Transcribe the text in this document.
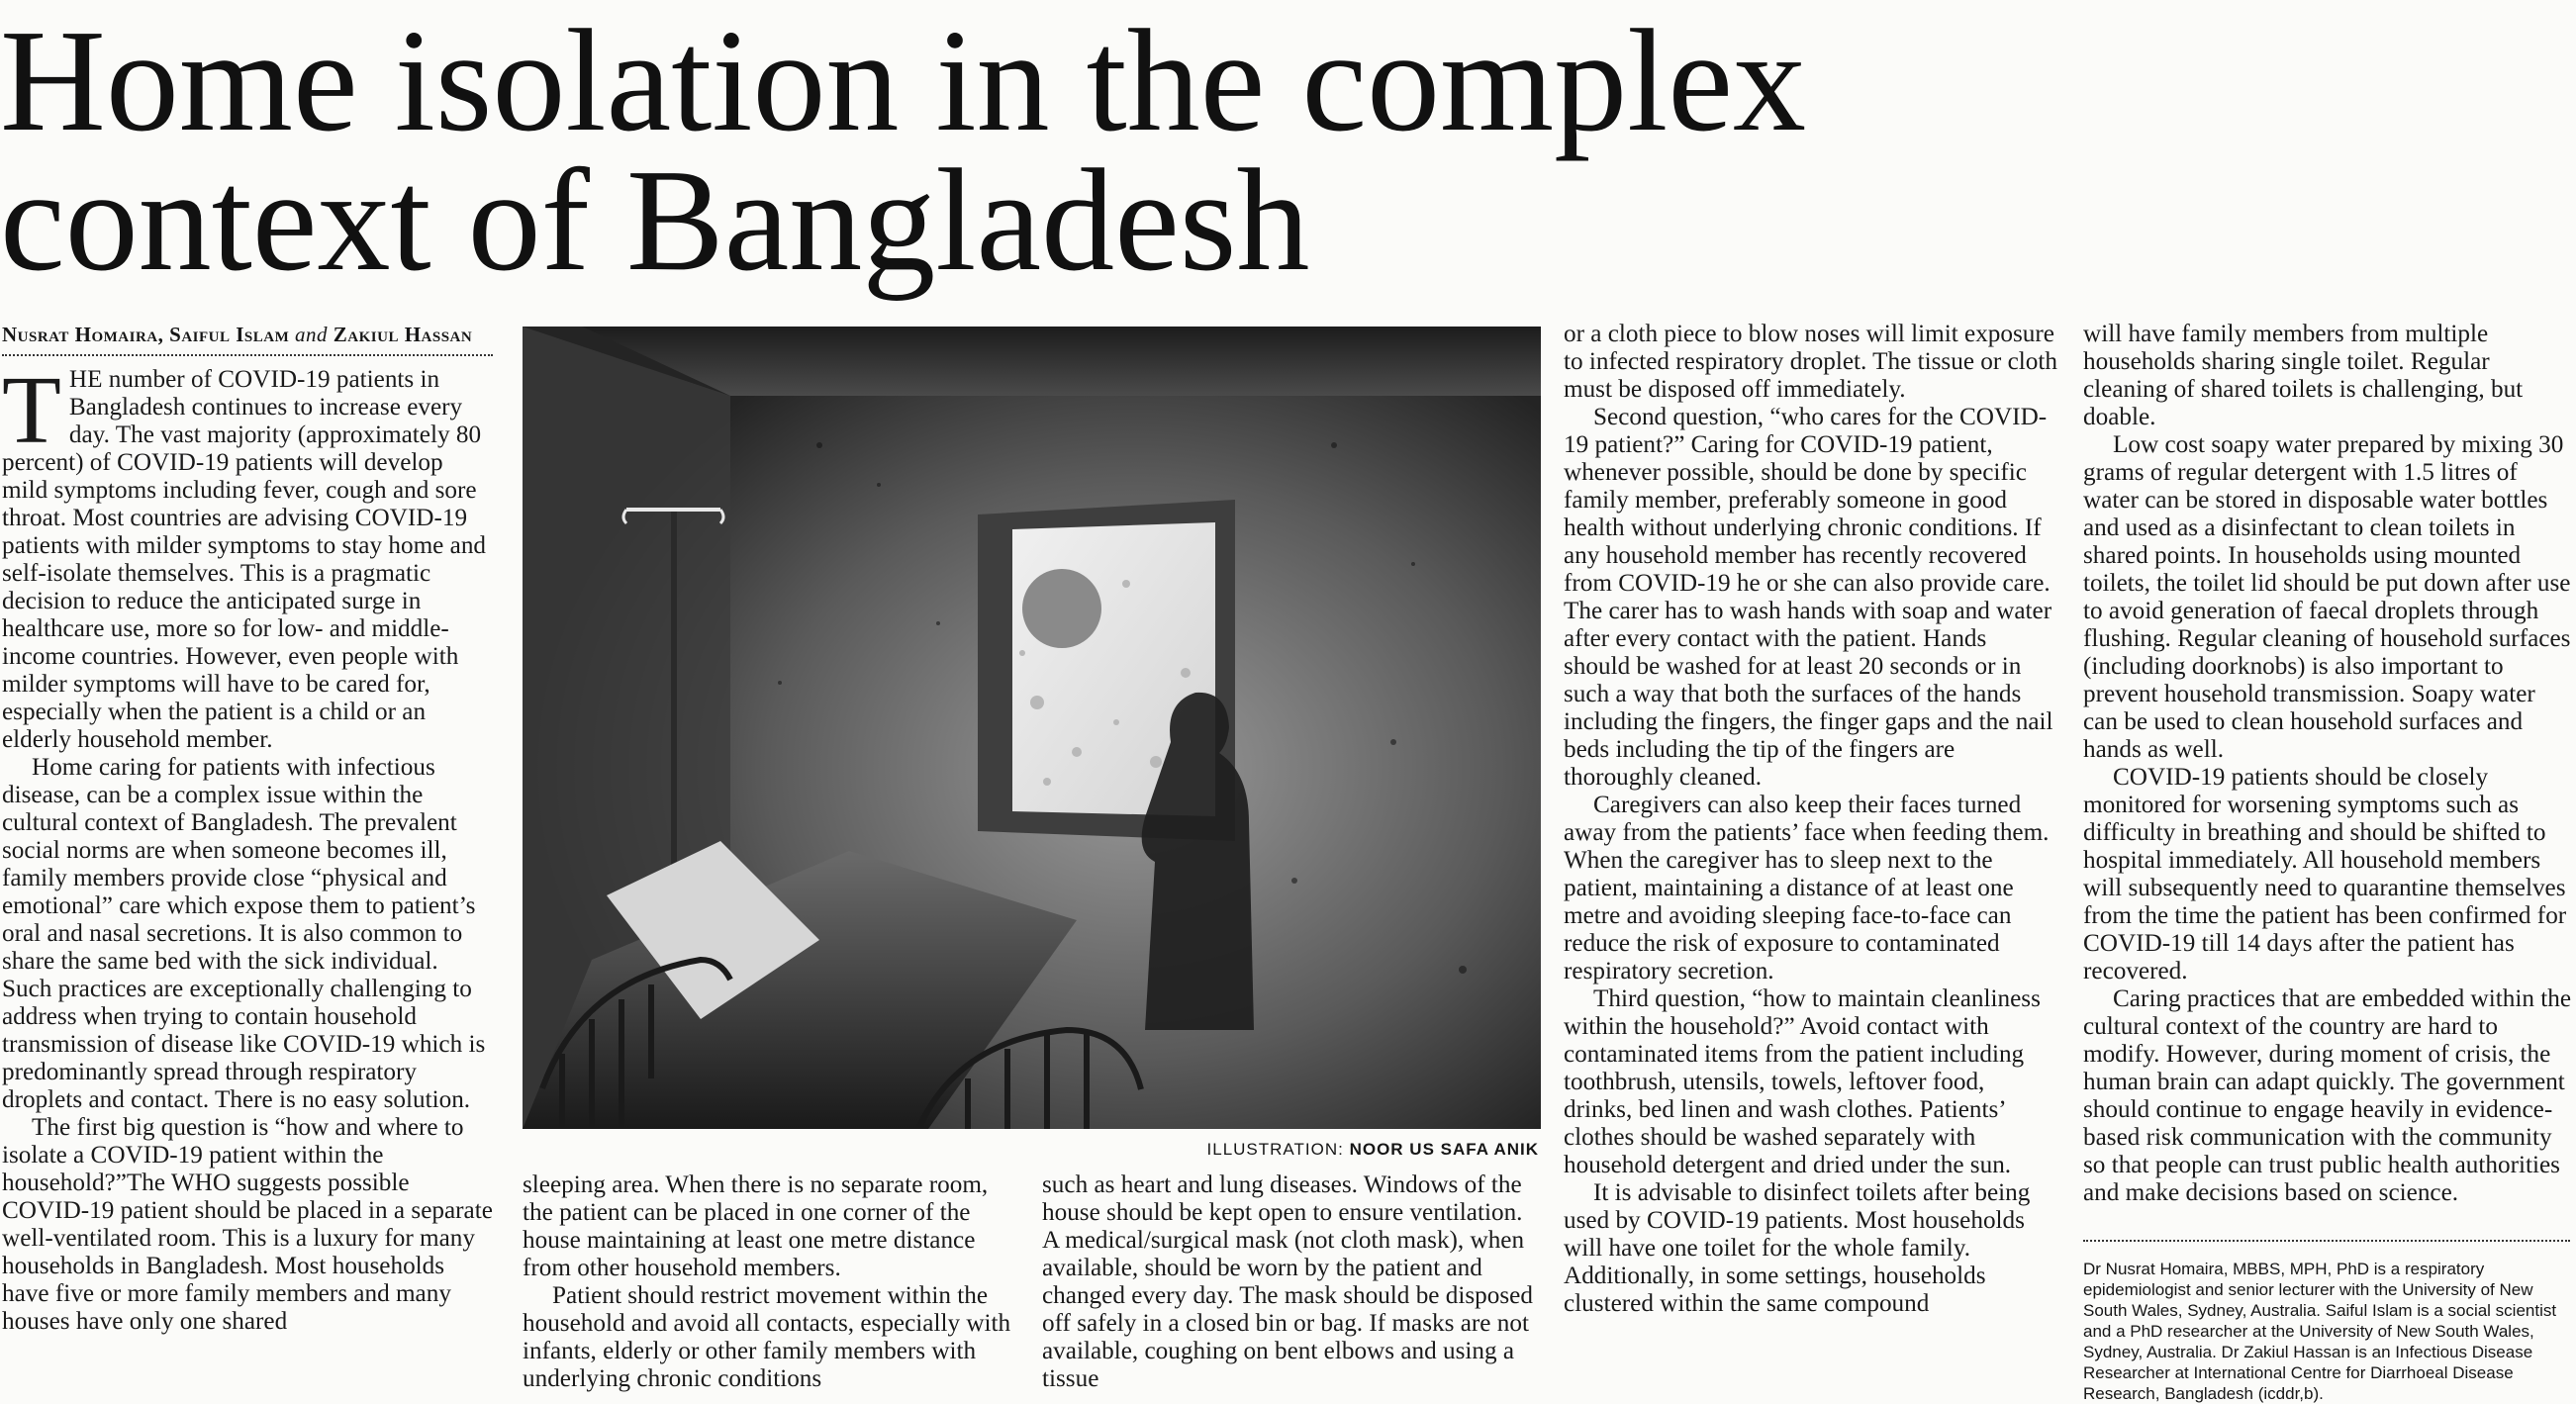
Home isolation in the complex
context of Bangladesh
Nusrat Homaira, Saiful Islam and Zakiul Hassan

THE number of COVID-19 patients in Bangladesh continues to increase every day. The vast majority (approximately 80 percent) of COVID-19 patients will develop mild symptoms including fever, cough and sore throat. Most countries are advising COVID-19 patients with milder symptoms to stay home and self-isolate themselves. This is a pragmatic decision to reduce the anticipated surge in healthcare use, more so for low- and middle-income countries. However, even people with milder symptoms will have to be cared for, especially when the patient is a child or an elderly household member.

Home caring for patients with infectious disease, can be a complex issue within the cultural context of Bangladesh. The prevalent social norms are when someone becomes ill, family members provide close “physical and emotional” care which expose them to patient’s oral and nasal secretions. It is also common to share the same bed with the sick individual. Such practices are exceptionally challenging to address when trying to contain household transmission of disease like COVID-19 which is predominantly spread through respiratory droplets and contact. There is no easy solution.

The first big question is “how and where to isolate a COVID-19 patient within the household?”The WHO suggests possible COVID-19 patient should be placed in a separate well-ventilated room. This is a luxury for many households in Bangladesh. Most households have five or more family members and many houses have only one shared

ILLUSTRATION: NOOR US SAFA ANIK

sleeping area. When there is no separate room, the patient can be placed in one corner of the house maintaining at least one metre distance from other household members.

Patient should restrict movement within the household and avoid all contacts, especially with infants, elderly or other family members with underlying chronic conditions

such as heart and lung diseases. Windows of the house should be kept open to ensure ventilation. A medical/surgical mask (not cloth mask), when available, should be worn by the patient and changed every day. The mask should be disposed off safely in a closed bin or bag. If masks are not available, coughing on bent elbows and using a tissue

or a cloth piece to blow noses will limit exposure to infected respiratory droplet. The tissue or cloth must be disposed off immediately.

Second question, “who cares for the COVID-19 patient?” Caring for COVID-19 patient, whenever possible, should be done by specific family member, preferably someone in good health without underlying chronic conditions. If any household member has recently recovered from COVID-19 he or she can also provide care. The carer has to wash hands with soap and water after every contact with the patient. Hands should be washed for at least 20 seconds or in such a way that both the surfaces of the hands including the fingers, the finger gaps and the nail beds including the tip of the fingers are thoroughly cleaned.

Caregivers can also keep their faces turned away from the patients’ face when feeding them. When the caregiver has to sleep next to the patient, maintaining a distance of at least one metre and avoiding sleeping face-to-face can reduce the risk of exposure to contaminated respiratory secretion.

Third question, “how to maintain cleanliness within the household?” Avoid contact with contaminated items from the patient including toothbrush, utensils, towels, leftover food, drinks, bed linen and wash clothes. Patients’ clothes should be washed separately with household detergent and dried under the sun.

It is advisable to disinfect toilets after being used by COVID-19 patients. Most households will have one toilet for the whole family. Additionally, in some settings, households clustered within the same compound

will have family members from multiple households sharing single toilet. Regular cleaning of shared toilets is challenging, but doable.

Low cost soapy water prepared by mixing 30 grams of regular detergent with 1.5 litres of water can be stored in disposable water bottles and used as a disinfectant to clean toilets in shared points. In households using mounted toilets, the toilet lid should be put down after use to avoid generation of faecal droplets through flushing. Regular cleaning of household surfaces (including doorknobs) is also important to prevent household transmission. Soapy water can be used to clean household surfaces and hands as well.

COVID-19 patients should be closely monitored for worsening symptoms such as difficulty in breathing and should be shifted to hospital immediately. All household members will subsequently need to quarantine themselves from the time the patient has been confirmed for COVID-19 till 14 days after the patient has recovered.

Caring practices that are embedded within the cultural context of the country are hard to modify. However, during moment of crisis, the human brain can adapt quickly. The government should continue to engage heavily in evidence-based risk communication with the community so that people can trust public health authorities and make decisions based on science.

Dr Nusrat Homaira, MBBS, MPH, PhD is a respiratory epidemiologist and senior lecturer with the University of New South Wales, Sydney, Australia. Saiful Islam is a social scientist and a PhD researcher at the University of New South Wales, Sydney, Australia. Dr Zakiul Hassan is an Infectious Disease Researcher at International Centre for Diarrhoeal Disease Research, Bangladesh (icddr,b).
